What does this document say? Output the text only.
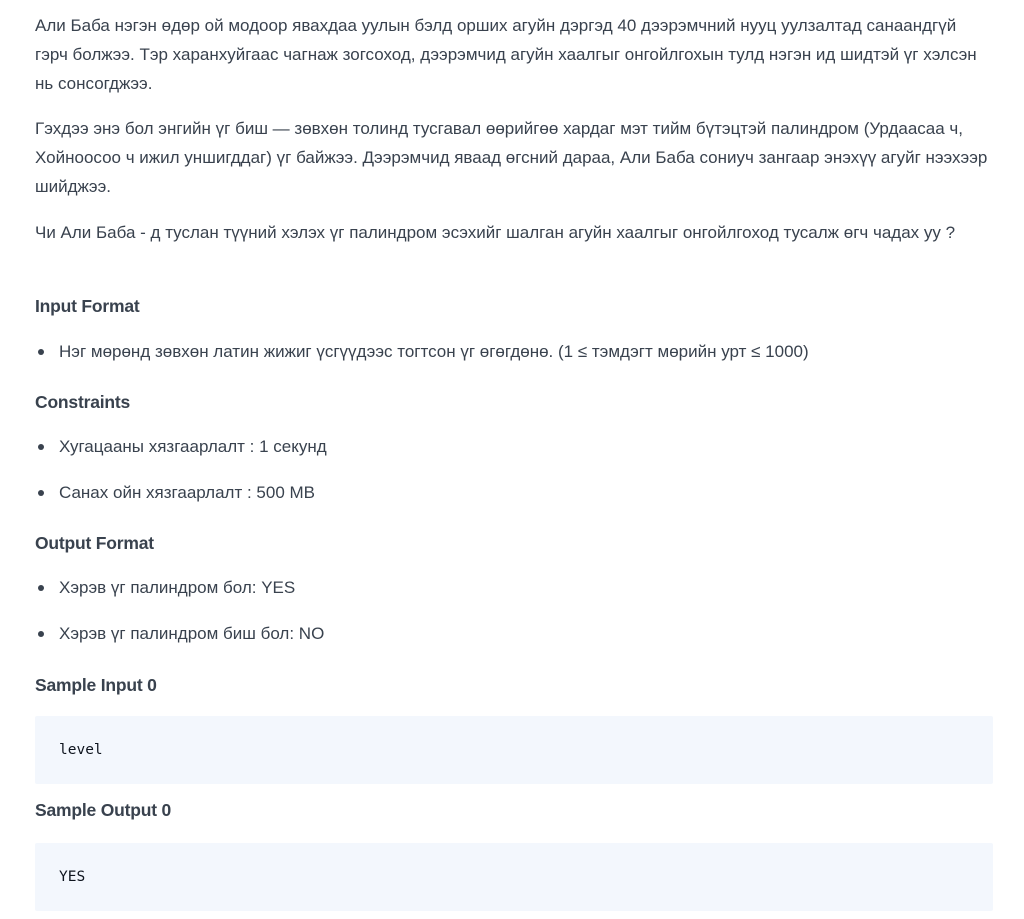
Али Баба нэгэн өдөр ой модоор явахдаа уулын бэлд орших агуйн дэргэд 40 дээрэмчний нууц уулзалтад санаандгүй гэрч болжээ. Тэр харанхуйгаас чагнаж зогсоход, дээрэмчид агуйн хаалгыг онгойлгохын тулд нэгэн ид шидтэй үг хэлсэн нь сонсогджээ.

Гэхдээ энэ бол энгийн үг биш — зөвхөн толинд тусгавал өөрийгөө хардаг мэт тийм бүтэцтэй палиндром (Урдаасаа ч, Хойноосоо ч ижил уншигддаг) үг байжээ. Дээрэмчид яваад өгсний дараа, Али Баба сониуч зангаар энэхүү агуйг нээхээр шийджээ.

Чи Али Баба - д туслан түүний хэлэх үг палиндром эсэхийг шалган агуйн хаалгыг онгойлгоход тусалж өгч чадах уу ?

Input Format
Нэг мөрөнд зөвхөн латин жижиг үсгүүдээс тогтсон үг өгөгдөнө. (1 ≤ тэмдэгт мөрийн урт ≤ 1000)
Constraints
Хугацааны хязгаарлалт : 1 секунд
Санах ойн хязгаарлалт : 500 MB
Output Format
Хэрэв үг палиндром бол: YES
Хэрэв үг палиндром биш бол: NO
Sample Input 0
level
Sample Output 0
YES
